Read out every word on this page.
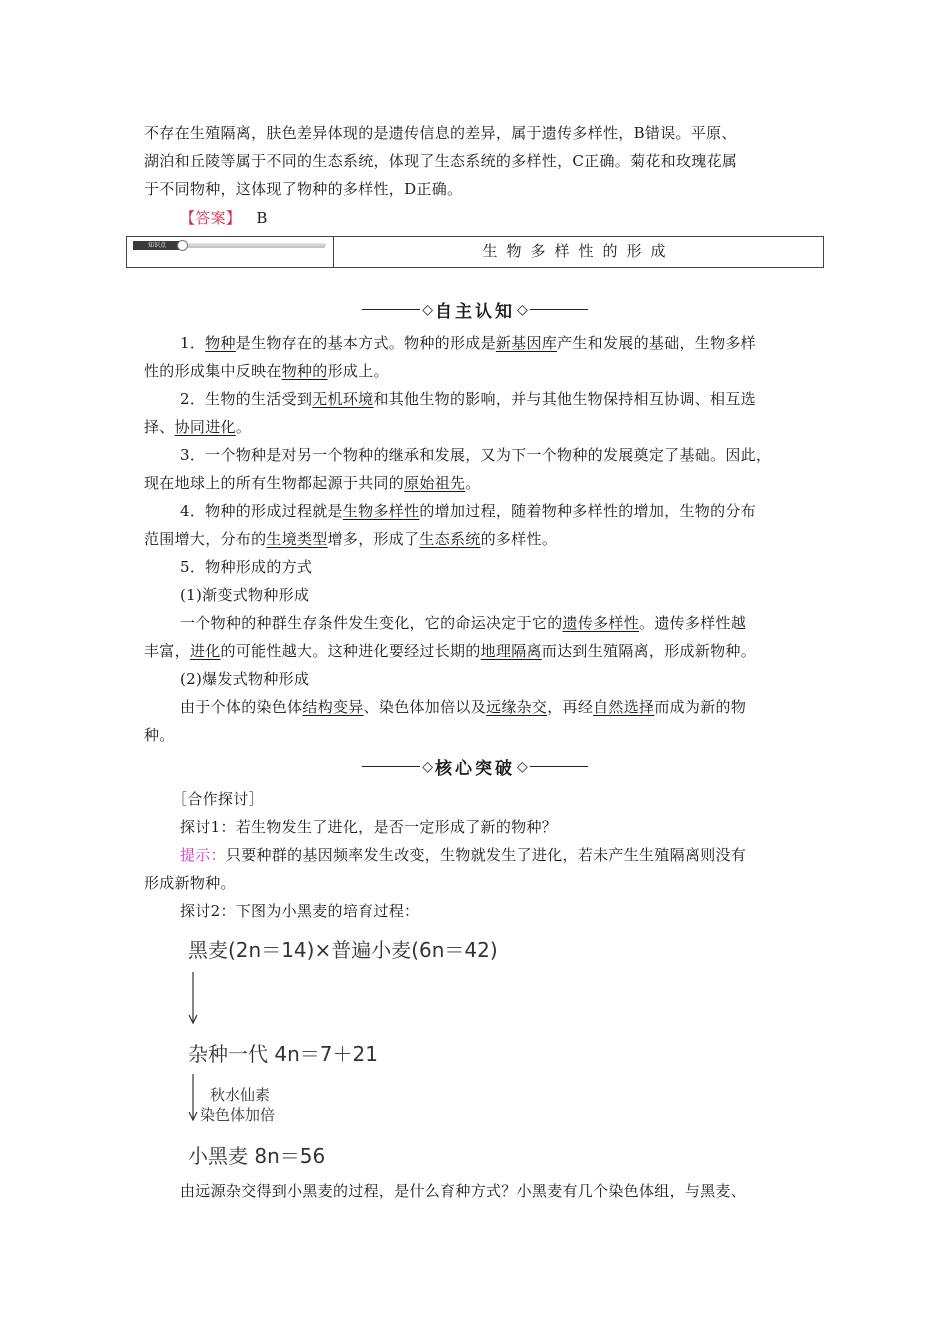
不存在生殖隔离，肤色差异体现的是遗传信息的差异，属于遗传多样性，B错误。平原、
湖泊和丘陵等属于不同的生态系统，体现了生态系统的多样性，C正确。菊花和玫瑰花属
于不同物种，这体现了物种的多样性，D正确。
【答案】 B
知识点	生物多样性的形成
◇ 自主认知 ◇
1．物种是生物存在的基本方式。物种的形成是新基因库产生和发展的基础，生物多样
性的形成集中反映在物种的形成上。
2．生物的生活受到无机环境和其他生物的影响，并与其他生物保持相互协调、相互选
择、协同进化。
3．一个物种是对另一个物种的继承和发展，又为下一个物种的发展奠定了基础。因此，
现在地球上的所有生物都起源于共同的原始祖先。
4．物种的形成过程就是生物多样性的增加过程，随着物种多样性的增加，生物的分布
范围增大，分布的生境类型增多，形成了生态系统的多样性。
5．物种形成的方式
(1)渐变式物种形成
一个物种的种群生存条件发生变化，它的命运决定于它的遗传多样性。遗传多样性越
丰富，进化的可能性越大。这种进化要经过长期的地理隔离而达到生殖隔离，形成新物种。
(2)爆发式物种形成
由于个体的染色体结构变异、染色体加倍以及远缘杂交，再经自然选择而成为新的物
种。
◇ 核心突破 ◇
［合作探讨］
探讨1：若生物发生了进化，是否一定形成了新的物种？
提示：只要种群的基因频率发生改变，生物就发生了进化，若未产生生殖隔离则没有
形成新物种。
探讨2：下图为小黑麦的培育过程：
黑麦(2n＝14)×普遍小麦(6n＝42)
杂种一代 4n＝7＋21
秋水仙素
染色体加倍
小黑麦 8n＝56
由远源杂交得到小黑麦的过程，是什么育种方式？小黑麦有几个染色体组，与黑麦、
